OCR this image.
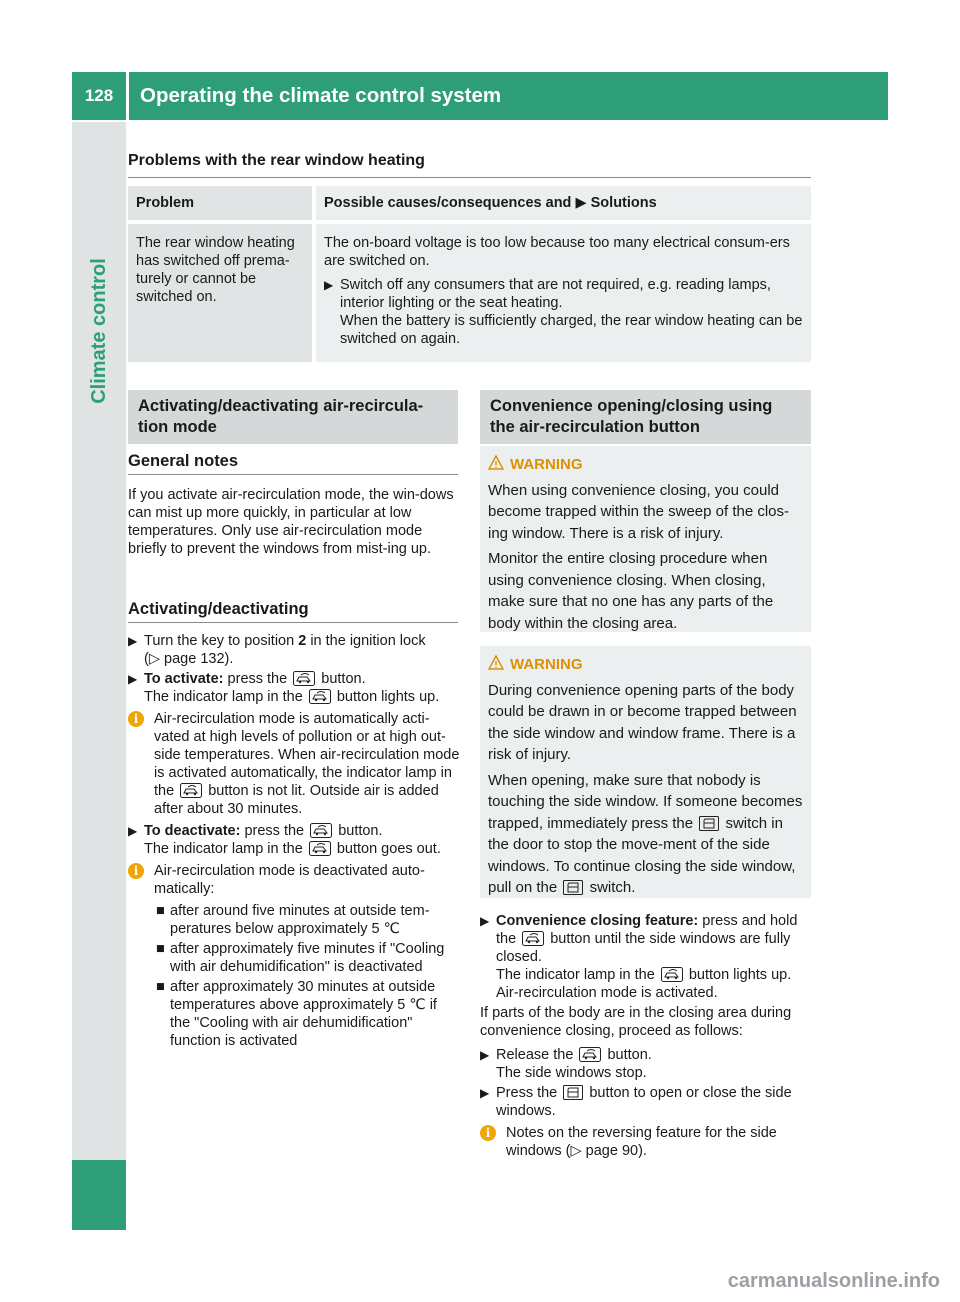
128	Operating the climate control system
Climate control
Problems with the rear window heating
Problem	Possible causes/consequences and ▶ Solutions
The rear window heating has switched off prema-turely or cannot be switched on.	The on-board voltage is too low because too many electrical consum-ers are switched on.
▶ Switch off any consumers that are not required, e.g. reading lamps, interior lighting or the seat heating.
When the battery is sufficiently charged, the rear window heating can be switched on again.
Activating/deactivating air-recircula-tion mode
General notes
If you activate air-recirculation mode, the win-dows can mist up more quickly, in particular at low temperatures. Only use air-recirculation mode briefly to prevent the windows from mist-ing up.
Activating/deactivating
▶ Turn the key to position 2 in the ignition lock
(▷ page 132).
▶ To activate: press the button.
The indicator lamp in the button lights up.
i	Air-recirculation mode is automatically acti-vated at high levels of pollution or at high out-side temperatures. When air-recirculation mode is activated automatically, the indicator lamp in the button is not lit. Outside air is added after about 30 minutes.
▶ To deactivate: press the button.
The indicator lamp in the button goes out.
i	Air-recirculation mode is deactivated auto-matically:
■ after around five minutes at outside tem-peratures below approximately 5 ℃
■ after approximately five minutes if "Cooling with air dehumidification" is deactivated
■ after approximately 30 minutes at outside temperatures above approximately 5 ℃ if the "Cooling with air dehumidification" function is activated
Convenience opening/closing using the air-recirculation button
WARNING

When using convenience closing, you could become trapped within the sweep of the clos-ing window. There is a risk of injury.

Monitor the entire closing procedure when using convenience closing. When closing, make sure that no one has any parts of the body within the closing area.

WARNING

During convenience opening parts of the body could be drawn in or become trapped between the side window and window frame. There is a risk of injury.

When opening, make sure that nobody is touching the side window. If someone becomes trapped, immediately press the switch in the door to stop the move-ment of the side windows. To continue closing the side window, pull on the switch.

▶ Convenience closing feature: press and hold the button until the side windows are fully closed.
The indicator lamp in the button lights up. Air-recirculation mode is activated.
If parts of the body are in the closing area during convenience closing, proceed as follows:
▶ Release the button.
The side windows stop.
▶ Press the button to open or close the side windows.
i	Notes on the reversing feature for the side windows (▷ page 90).
carmanualsonline.info
